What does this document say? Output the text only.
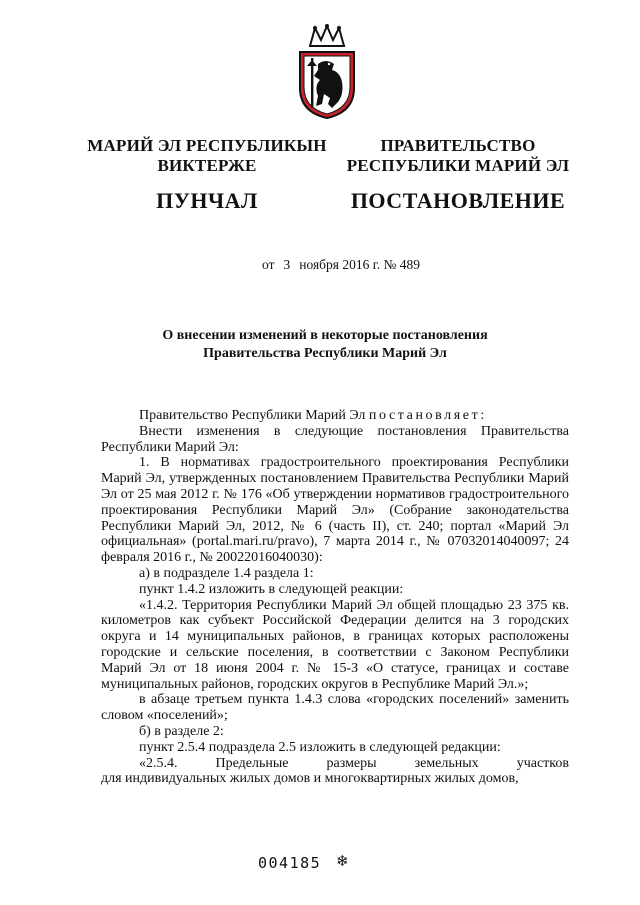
МАРИЙ ЭЛ РЕСПУБЛИКЫН
ВИКТЕРЖЕ
ПУНЧАЛ
ПРАВИТЕЛЬСТВО
РЕСПУБЛИКИ МАРИЙ ЭЛ
ПОСТАНОВЛЕНИЕ
от 3 ноября 2016 г. № 489
О внесении изменений в некоторые постановления
Правительства Республики Марий Эл

Правительство Республики Марий Эл постановляет:

Внести изменения в следующие постановления Правительства Республики Марий Эл:

1. В нормативах градостроительного проектирования Республики Марий Эл, утвержденных постановлением Правительства Республики Марий Эл от 25 мая 2012 г. № 176 «Об утверждении нормативов градостроительного проектирования Республики Марий Эл» (Собрание законодательства Республики Марий Эл, 2012, № 6 (часть II), ст. 240; портал «Марий Эл официальная» (portal.mari.ru/pravo), 7 марта 2014 г., № 07032014040097; 24 февраля 2016 г., № 20022016040030):

а) в подразделе 1.4 раздела 1:

пункт 1.4.2 изложить в следующей реакции:

«1.4.2. Территория Республики Марий Эл общей площадью 23 375 кв. километров как субъект Российской Федерации делится на 3 городских округа и 14 муниципальных районов, в границах которых расположены городские и сельские поселения, в соответствии с Законом Республики Марий Эл от 18 июня 2004 г. № 15-З «О статусе, границах и составе муниципальных районов, городских округов в Республике Марий Эл.»;

в абзаце третьем пункта 1.4.3 слова «городских поселений» заменить словом «поселений»;

б) в разделе 2:

пункт 2.5.4 подраздела 2.5 изложить в следующей редакции:

«2.5.4. Предельные размеры земельных участков

для индивидуальных жилых домов и многоквартирных жилых домов,

004185 ❄
